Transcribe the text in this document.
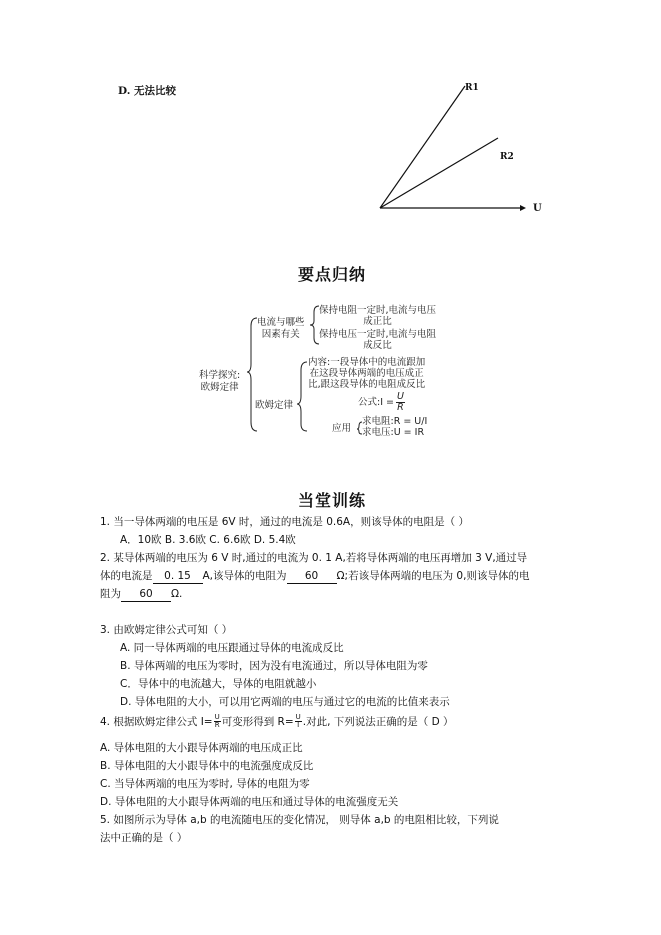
D. 无法比较	R1
R2
U
要点归纳
科学探究:
欧姆定律
电流与哪些
因素有关
保持电阻一定时,电流与电压
成正比
保持电压一定时,电流与电阻
成反比
欧姆定律
内容:一段导体中的电流跟加
在这段导体两端的电压成正
比,跟这段导体的电阻成反比
公式:I = $\frac{U}{R}$
应用
求电阻:R = U/I
求电压:U = IR
当堂训练
1. 当一导体两端的电压是 6V 时，通过的电流是 0.6A，则该导体的电阻是（ ）
A．10欧 B. 3.6欧 C. 6.6欧 D. 5.4欧
2. 某导体两端的电压为 6 V 时,通过的电流为 0. 1 A,若将导体两端的电压再增加 3 V,通过导
体的电流是 0. 15 A,该导体的电阻为 60 Ω;若该导体两端的电压为 0,则该导体的电
阻为 60 Ω.
3. 由欧姆定律公式可知（ ）
A. 同一导体两端的电压跟通过导体的电流成反比
B. 导体两端的电压为零时，因为没有电流通过，所以导体电阻为零
C．导体中的电流越大，导体的电阻就越小
D. 导体电阻的大小，可以用它两端的电压与通过它的电流的比值来表示
4. 根据欧姆定律公式 $I= \frac{U}{R}$ 可变形得到 $R= \frac{U}{I}$ .对此, 下列说法正确的是（ D ）
A. 导体电阻的大小跟导体两端的电压成正比
B. 导体电阻的大小跟导体中的电流强度成反比
C. 当导体两端的电压为零时, 导体的电阻为零
D. 导体电阻的大小跟导体两端的电压和通过导体的电流强度无关
5. 如图所示为导体 a,b 的电流随电压的变化情况， 则导体 a,b 的电阻相比较，下列说
法中正确的是（ ）
